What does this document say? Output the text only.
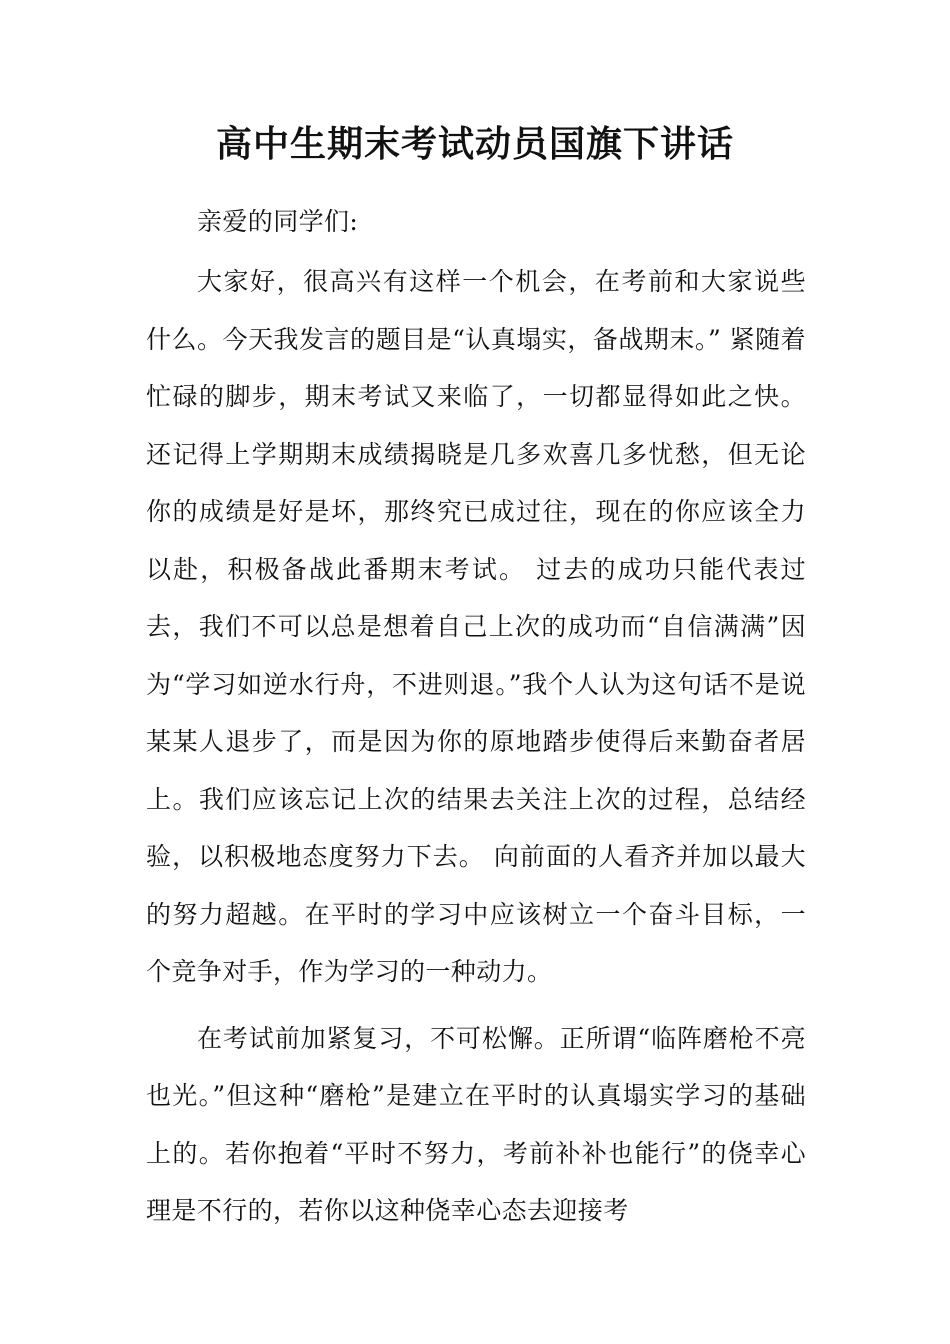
高中生期末考试动员国旗下讲话

亲爱的同学们:

大家好，很高兴有这样一个机会，在考前和大家说些什么。今天我发言的题目是“认真塌实，备战期末。” 紧随着忙碌的脚步，期末考试又来临了，一切都显得如此之快。还记得上学期期末成绩揭晓是几多欢喜几多忧愁，但无论你的成绩是好是坏，那终究已成过往，现在的你应该全力以赴，积极备战此番期末考试。 过去的成功只能代表过去，我们不可以总是想着自己上次的成功而“自信满满”因为“学习如逆水行舟，不进则退。”我个人认为这句话不是说某某人退步了，而是因为你的原地踏步使得后来勤奋者居上。我们应该忘记上次的结果去关注上次的过程，总结经验，以积极地态度努力下去。 向前面的人看齐并加以最大的努力超越。在平时的学习中应该树立一个奋斗目标，一个竞争对手，作为学习的一种动力。

在考试前加紧复习，不可松懈。正所谓“临阵磨枪不亮也光。”但这种“磨枪”是建立在平时的认真塌实学习的基础上的。若你抱着“平时不努力，考前补补也能行”的侥幸心理是不行的，若你以这种侥幸心态去迎接考
